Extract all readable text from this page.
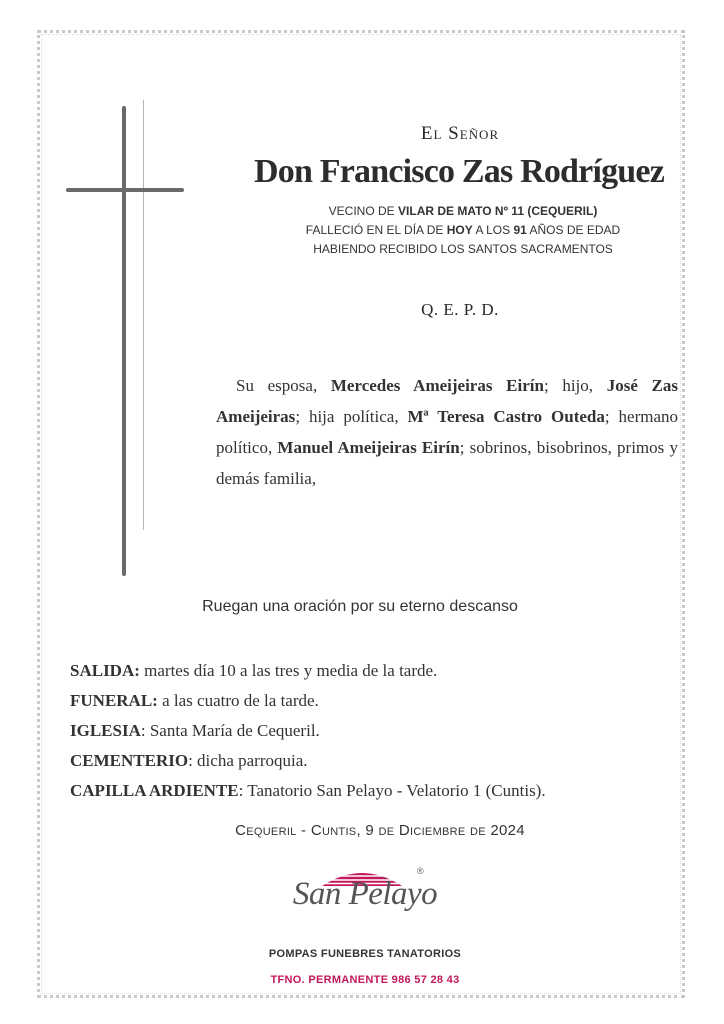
El Señor
Don Francisco Zas Rodríguez
VECINO DE VILAR DE MATO Nº 11 (CEQUERIL)
FALLECIÓ EN EL DÍA DE HOY A LOS 91 AÑOS DE EDAD
HABIENDO RECIBIDO LOS SANTOS SACRAMENTOS
Q. E. P. D.
Su esposa, Mercedes Ameijeiras Eirín; hijo, José Zas Ameijeiras; hija política, Mª Teresa Castro Outeda; hermano político, Manuel Ameijeiras Eirín; sobrinos, bisobrinos, primos y demás familia,
Ruegan una oración por su eterno descanso
SALIDA: martes día 10 a las tres y media de la tarde.
FUNERAL: a las cuatro de la tarde.
IGLESIA: Santa María de Cequeril.
CEMENTERIO: dicha parroquia.
CAPILLA ARDIENTE: Tanatorio San Pelayo - Velatorio 1 (Cuntis).
Cequeril - Cuntis, 9 de Diciembre de 2024
San Pelayo
®
POMPAS FUNEBRES TANATORIOS
TFNO. PERMANENTE 986 57 28 43
